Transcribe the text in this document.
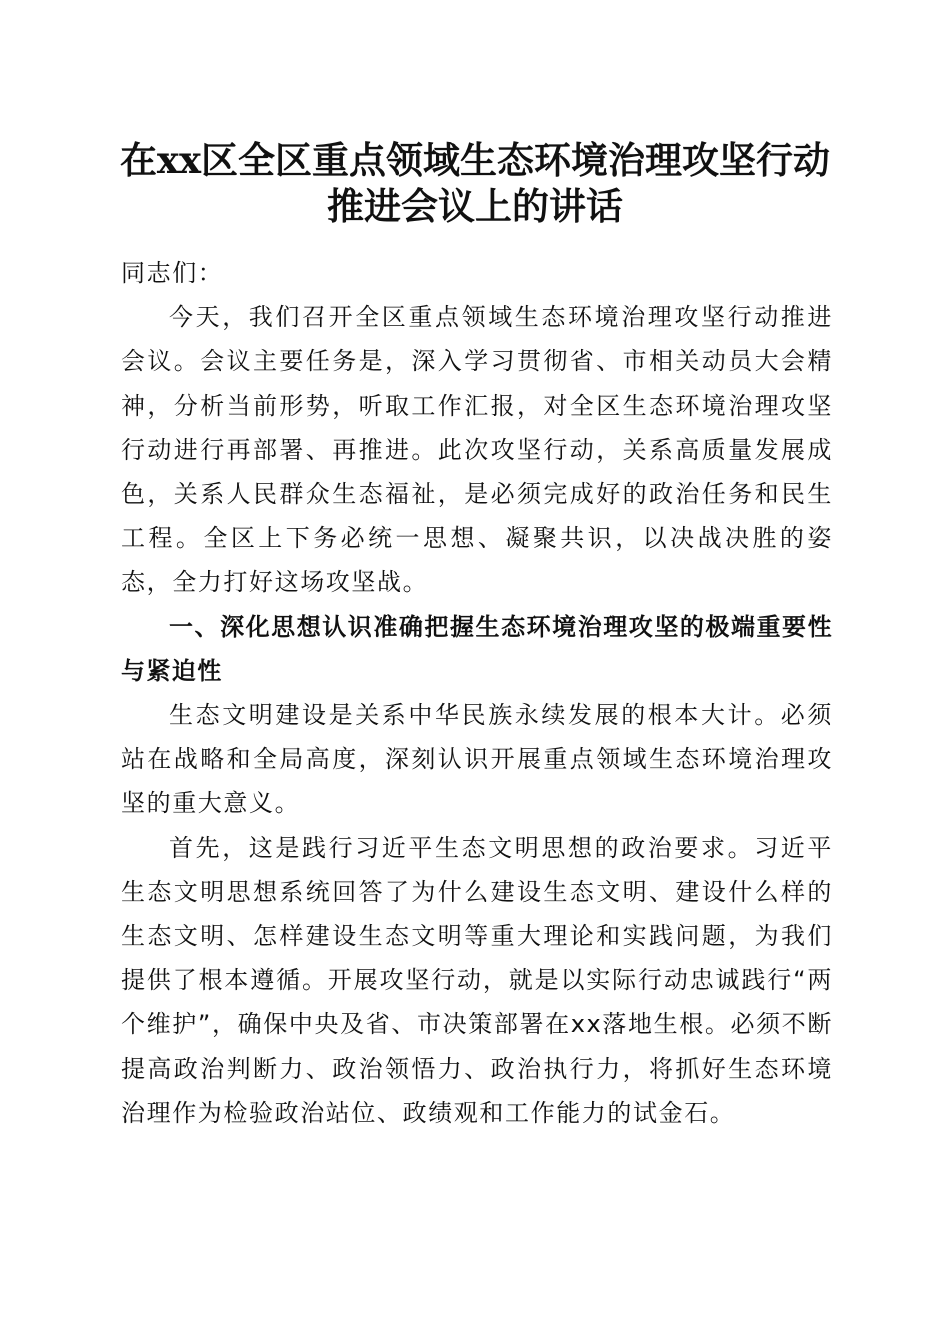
在xx区全区重点领域生态环境治理攻坚行动
推进会议上的讲话

同志们：

今天，我们召开全区重点领域生态环境治理攻坚行动推进会议。会议主要任务是，深入学习贯彻省、市相关动员大会精神，分析当前形势，听取工作汇报，对全区生态环境治理攻坚行动进行再部署、再推进。此次攻坚行动，关系高质量发展成色，关系人民群众生态福祉，是必须完成好的政治任务和民生工程。全区上下务必统一思想、凝聚共识，以决战决胜的姿态，全力打好这场攻坚战。

一、深化思想认识准确把握生态环境治理攻坚的极端重要性与紧迫性

生态文明建设是关系中华民族永续发展的根本大计。必须站在战略和全局高度，深刻认识开展重点领域生态环境治理攻坚的重大意义。

首先，这是践行习近平生态文明思想的政治要求。习近平生态文明思想系统回答了为什么建设生态文明、建设什么样的生态文明、怎样建设生态文明等重大理论和实践问题，为我们提供了根本遵循。开展攻坚行动，就是以实际行动忠诚践行“两个维护”，确保中央及省、市决策部署在xx落地生根。必须不断提高政治判断力、政治领悟力、政治执行力，将抓好生态环境治理作为检验政治站位、政绩观和工作能力的试金石。
